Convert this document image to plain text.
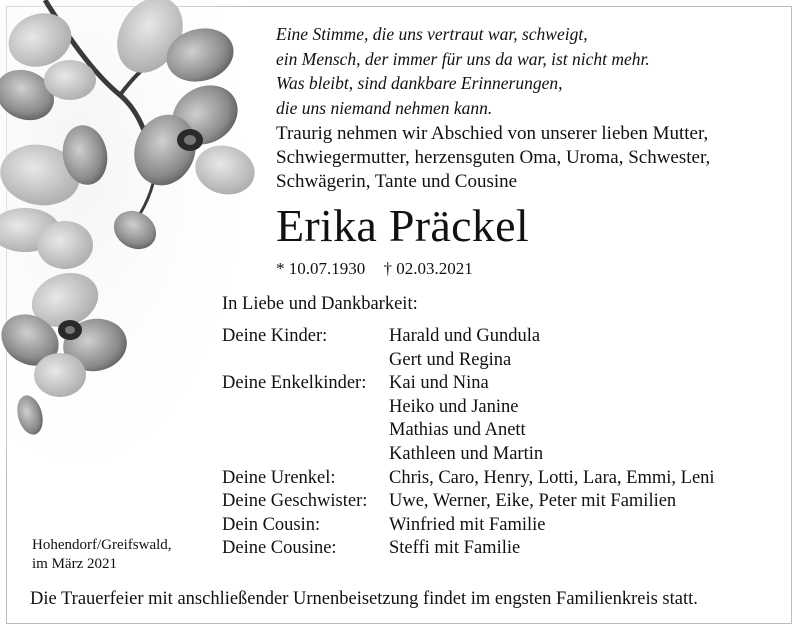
Eine Stimme, die uns vertraut war, schweigt,
ein Mensch, der immer für uns da war, ist nicht mehr.
Was bleibt, sind dankbare Erinnerungen,
die uns niemand nehmen kann.
Traurig nehmen wir Abschied von unserer lieben Mutter,
Schwiegermutter, herzensguten Oma, Uroma, Schwester,
Schwägerin, Tante und Cousine
Erika Präckel
* 10.07.1930 † 02.03.2021
In Liebe und Dankbarkeit:
Deine Kinder:	Harald und Gundula
Gert und Regina
Deine Enkelkinder:	Kai und Nina
Heiko und Janine
Mathias und Anett
Kathleen und Martin
Deine Urenkel:	Chris, Caro, Henry, Lotti, Lara, Emmi, Leni
Deine Geschwister:	Uwe, Werner, Eike, Peter mit Familien
Dein Cousin:	Winfried mit Familie
Deine Cousine:	Steffi mit Familie
Hohendorf/Greifswald,
im März 2021
Die Trauerfeier mit anschließender Urnenbeisetzung findet im engsten Familienkreis statt.
